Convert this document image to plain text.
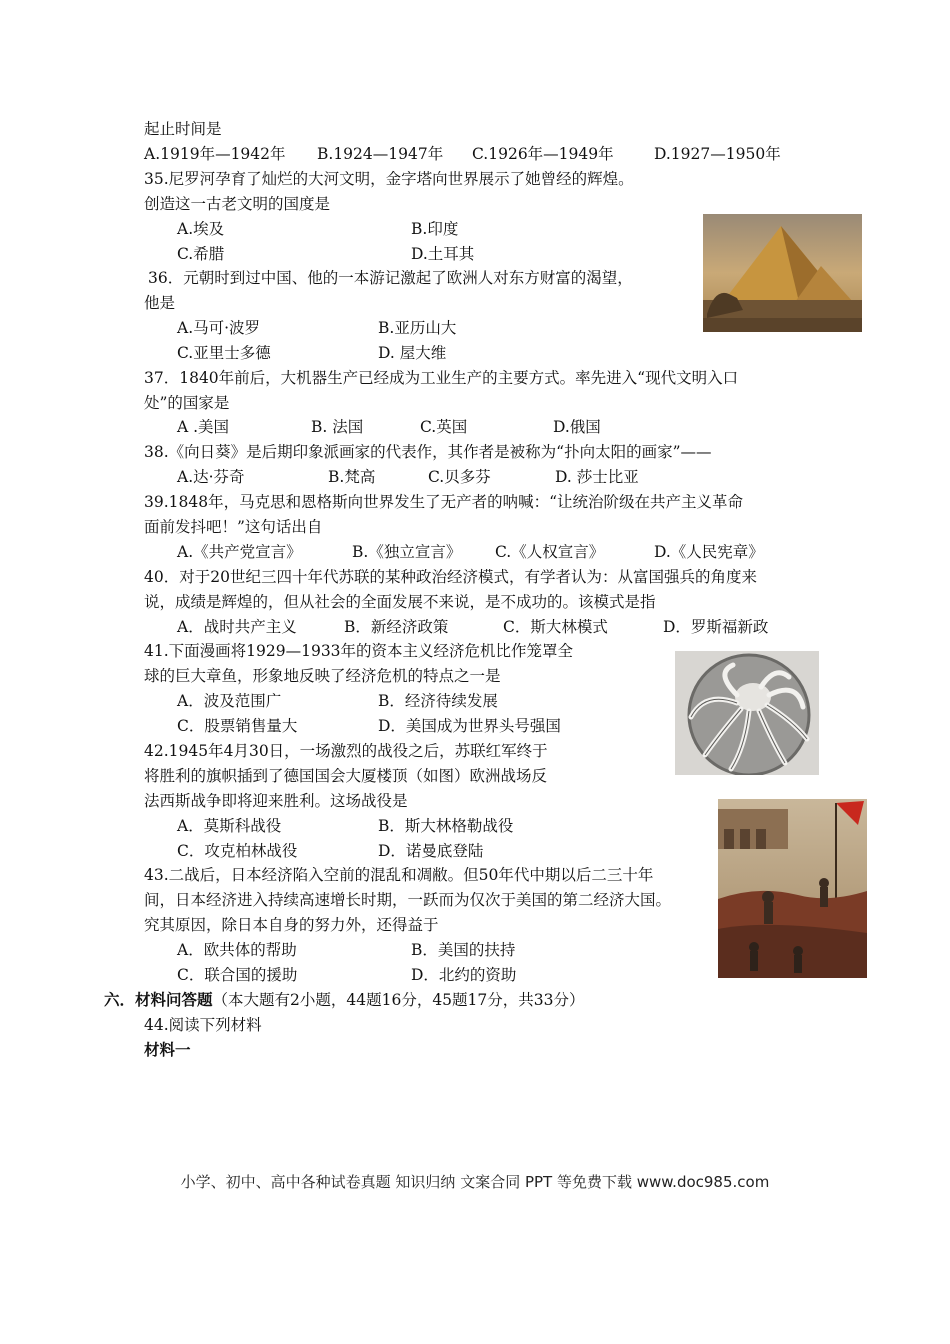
起止时间是
A.1919年—1942年 B.1924—1947年 C.1926年—1949年	D.1927—1950年
35.尼罗河孕育了灿烂的大河文明，金字塔向世界展示了她曾经的辉煌。
创造这一古老文明的国度是
A.埃及	B.印度
C.希腊	D.土耳其
36．元朝时到过中国、他的一本游记激起了欧洲人对东方财富的渴望，
他是
A.马可·波罗	B.亚历山大
C.亚里士多德	D. 屋大维
37．1840年前后，大机器生产已经成为工业生产的主要方式。率先进入“现代文明入口
处”的国家是
A .美国	B. 法国	C.英国	D.俄国
38.《向日葵》是后期印象派画家的代表作，其作者是被称为“扑向太阳的画家”——
A.达·芬奇	B.梵高	C.贝多芬	D. 莎士比亚
39.1848年，马克思和恩格斯向世界发生了无产者的呐喊：“让统治阶级在共产主义革命
面前发抖吧！”这句话出自
A.《共产党宣言》	B.《独立宣言》 C.《人权宣言》	D.《人民宪章》
40．对于20世纪三四十年代苏联的某种政治经济模式，有学者认为：从富国强兵的角度来
说，成绩是辉煌的，但从社会的全面发展不来说，是不成功的。该模式是指
A．战时共产主义	B．新经济政策	C．斯大林模式	D．罗斯福新政
41.下面漫画将1929—1933年的资本主义经济危机比作笼罩全
球的巨大章鱼，形象地反映了经济危机的特点之一是
A．波及范围广	B．经济待续发展
C．股票销售量大	D．美国成为世界头号强国
42.1945年4月30日，一场激烈的战役之后，苏联红军终于
将胜利的旗帜插到了德国国会大厦楼顶（如图）欧洲战场反
法西斯战争即将迎来胜利。这场战役是
A．莫斯科战役	B．斯大林格勒战役
C．攻克柏林战役	D．诺曼底登陆
43.二战后，日本经济陷入空前的混乱和凋敝。但50年代中期以后二三十年
间，日本经济进入持续高速增长时期，一跃而为仅次于美国的第二经济大国。
究其原因，除日本自身的努力外，还得益于
A．欧共体的帮助	B．美国的扶持
C．联合国的援助	D．北约的资助
六．材料问答题（本大题有2小题，44题16分，45题17分，共33分）
44.阅读下列材料
材料一
小学、初中、高中各种试卷真题 知识归纳 文案合同 PPT 等免费下载 www.doc985.com
